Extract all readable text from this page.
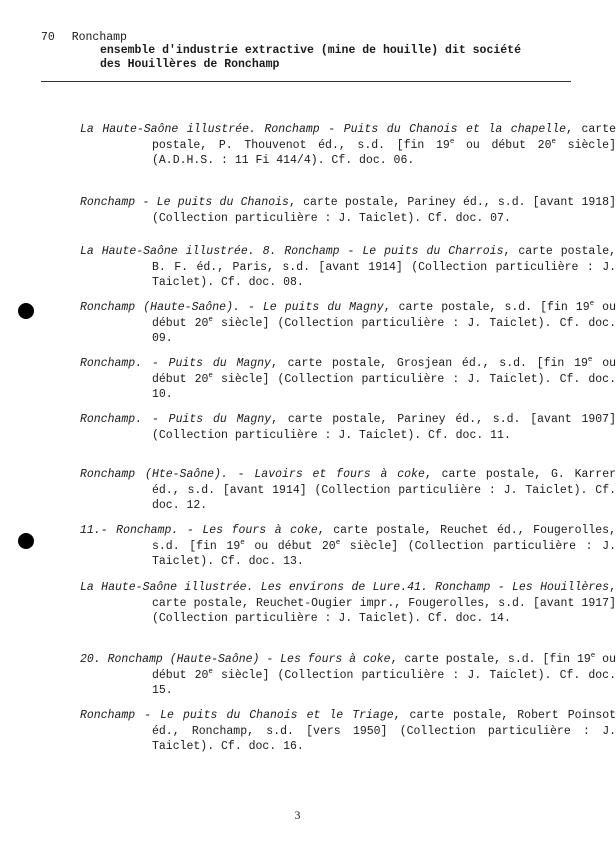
70 Ronchamp
ensemble d'industrie extractive (mine de houille) dit société
des Houillères de Ronchamp
La Haute-Saône illustrée. Ronchamp - Puits du Chanois et la chapelle, carte postale, P. Thouvenot éd., s.d. [fin 19e ou début 20e siècle] (A.D.H.S. : 11 Fi 414/4). Cf. doc. 06.
Ronchamp - Le puits du Chanois, carte postale, Pariney éd., s.d. [avant 1918] (Collection particulière : J. Taiclet). Cf. doc. 07.
La Haute-Saône illustrée. 8. Ronchamp - Le puits du Charrois, carte postale, B. F. éd., Paris, s.d. [avant 1914] (Collection particulière : J. Taiclet). Cf. doc. 08.
Ronchamp (Haute-Saône). - Le puits du Magny, carte postale, s.d. [fin 19e ou début 20e siècle] (Collection particulière : J. Taiclet). Cf. doc. 09.
Ronchamp. - Puits du Magny, carte postale, Grosjean éd., s.d. [fin 19e ou début 20e siècle] (Collection particulière : J. Taiclet). Cf. doc. 10.
Ronchamp. - Puits du Magny, carte postale, Pariney éd., s.d. [avant 1907] (Collection particulière : J. Taiclet). Cf. doc. 11.
Ronchamp (Hte-Saône). - Lavoirs et fours à coke, carte postale, G. Karrer éd., s.d. [avant 1914] (Collection particulière : J. Taiclet). Cf. doc. 12.
11.- Ronchamp. - Les fours à coke, carte postale, Reuchet éd., Fougerolles, s.d. [fin 19e ou début 20e siècle] (Collection particulière : J. Taiclet). Cf. doc. 13.
La Haute-Saône illustrée. Les environs de Lure.41. Ronchamp - Les Houillères, carte postale, Reuchet-Ougier impr., Fougerolles, s.d. [avant 1917] (Collection particulière : J. Taiclet). Cf. doc. 14.
20. Ronchamp (Haute-Saône) - Les fours à coke, carte postale, s.d. [fin 19e ou début 20e siècle] (Collection particulière : J. Taiclet). Cf. doc. 15.
Ronchamp - Le puits du Chanois et le Triage, carte postale, Robert Poinsot éd., Ronchamp, s.d. [vers 1950] (Collection particulière : J. Taiclet). Cf. doc. 16.
3
